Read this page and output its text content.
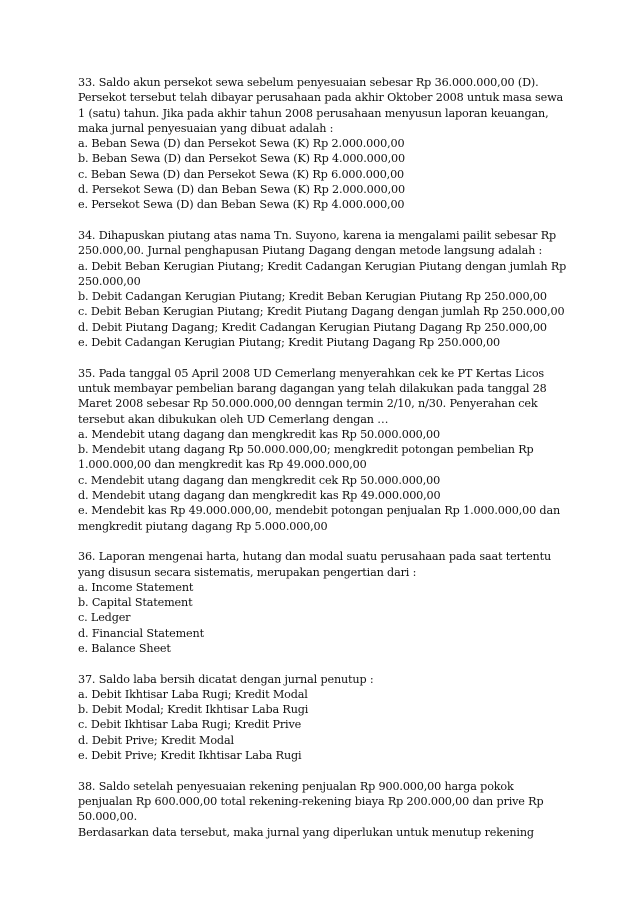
33. Saldo akun persekot sewa sebelum penyesuaian sebesar Rp 36.000.000,00 (D).
Persekot tersebut telah dibayar perusahaan pada akhir Oktober 2008 untuk masa sewa
1 (satu) tahun. Jika pada akhir tahun 2008 perusahaan menyusun laporan keuangan,
maka jurnal penyesuaian yang dibuat adalah :
a. Beban Sewa (D) dan Persekot Sewa (K) Rp 2.000.000,00
b. Beban Sewa (D) dan Persekot Sewa (K) Rp 4.000.000,00
c. Beban Sewa (D) dan Persekot Sewa (K) Rp 6.000.000,00
d. Persekot Sewa (D) dan Beban Sewa (K) Rp 2.000.000,00
e. Persekot Sewa (D) dan Beban Sewa (K) Rp 4.000.000,00
34. Dihapuskan piutang atas nama Tn. Suyono, karena ia mengalami pailit sebesar Rp
250.000,00. Jurnal penghapusan Piutang Dagang dengan metode langsung adalah :
a. Debit Beban Kerugian Piutang; Kredit Cadangan Kerugian Piutang dengan jumlah Rp
250.000,00
b. Debit Cadangan Kerugian Piutang; Kredit Beban Kerugian Piutang Rp 250.000,00
c. Debit Beban Kerugian Piutang; Kredit Piutang Dagang dengan jumlah Rp 250.000,00
d. Debit Piutang Dagang; Kredit Cadangan Kerugian Piutang Dagang Rp 250.000,00
e. Debit Cadangan Kerugian Piutang; Kredit Piutang Dagang Rp 250.000,00
35. Pada tanggal 05 April 2008 UD Cemerlang menyerahkan cek ke PT Kertas Licos
untuk membayar pembelian barang dagangan yang telah dilakukan pada tanggal 28
Maret 2008 sebesar Rp 50.000.000,00 denngan termin 2/10, n/30. Penyerahan cek
tersebut akan dibukukan oleh UD Cemerlang dengan …
a. Mendebit utang dagang dan mengkredit kas Rp 50.000.000,00
b. Mendebit utang dagang Rp 50.000.000,00; mengkredit potongan pembelian Rp
1.000.000,00 dan mengkredit kas Rp 49.000.000,00
c. Mendebit utang dagang dan mengkredit cek Rp 50.000.000,00
d. Mendebit utang dagang dan mengkredit kas Rp 49.000.000,00
e. Mendebit kas Rp 49.000.000,00, mendebit potongan penjualan Rp 1.000.000,00 dan
mengkredit piutang dagang Rp 5.000.000,00
36. Laporan mengenai harta, hutang dan modal suatu perusahaan pada saat tertentu
yang disusun secara sistematis, merupakan pengertian dari :
a. Income Statement
b. Capital Statement
c. Ledger
d. Financial Statement
e. Balance Sheet
37. Saldo laba bersih dicatat dengan jurnal penutup :
a. Debit Ikhtisar Laba Rugi; Kredit Modal
b. Debit Modal; Kredit Ikhtisar Laba Rugi
c. Debit Ikhtisar Laba Rugi; Kredit Prive
d. Debit Prive; Kredit Modal
e. Debit Prive; Kredit Ikhtisar Laba Rugi
38. Saldo setelah penyesuaian rekening penjualan Rp 900.000,00 harga pokok
penjualan Rp 600.000,00 total rekening-rekening biaya Rp 200.000,00 dan prive Rp
50.000,00.
Berdasarkan data tersebut, maka jurnal yang diperlukan untuk menutup rekening
